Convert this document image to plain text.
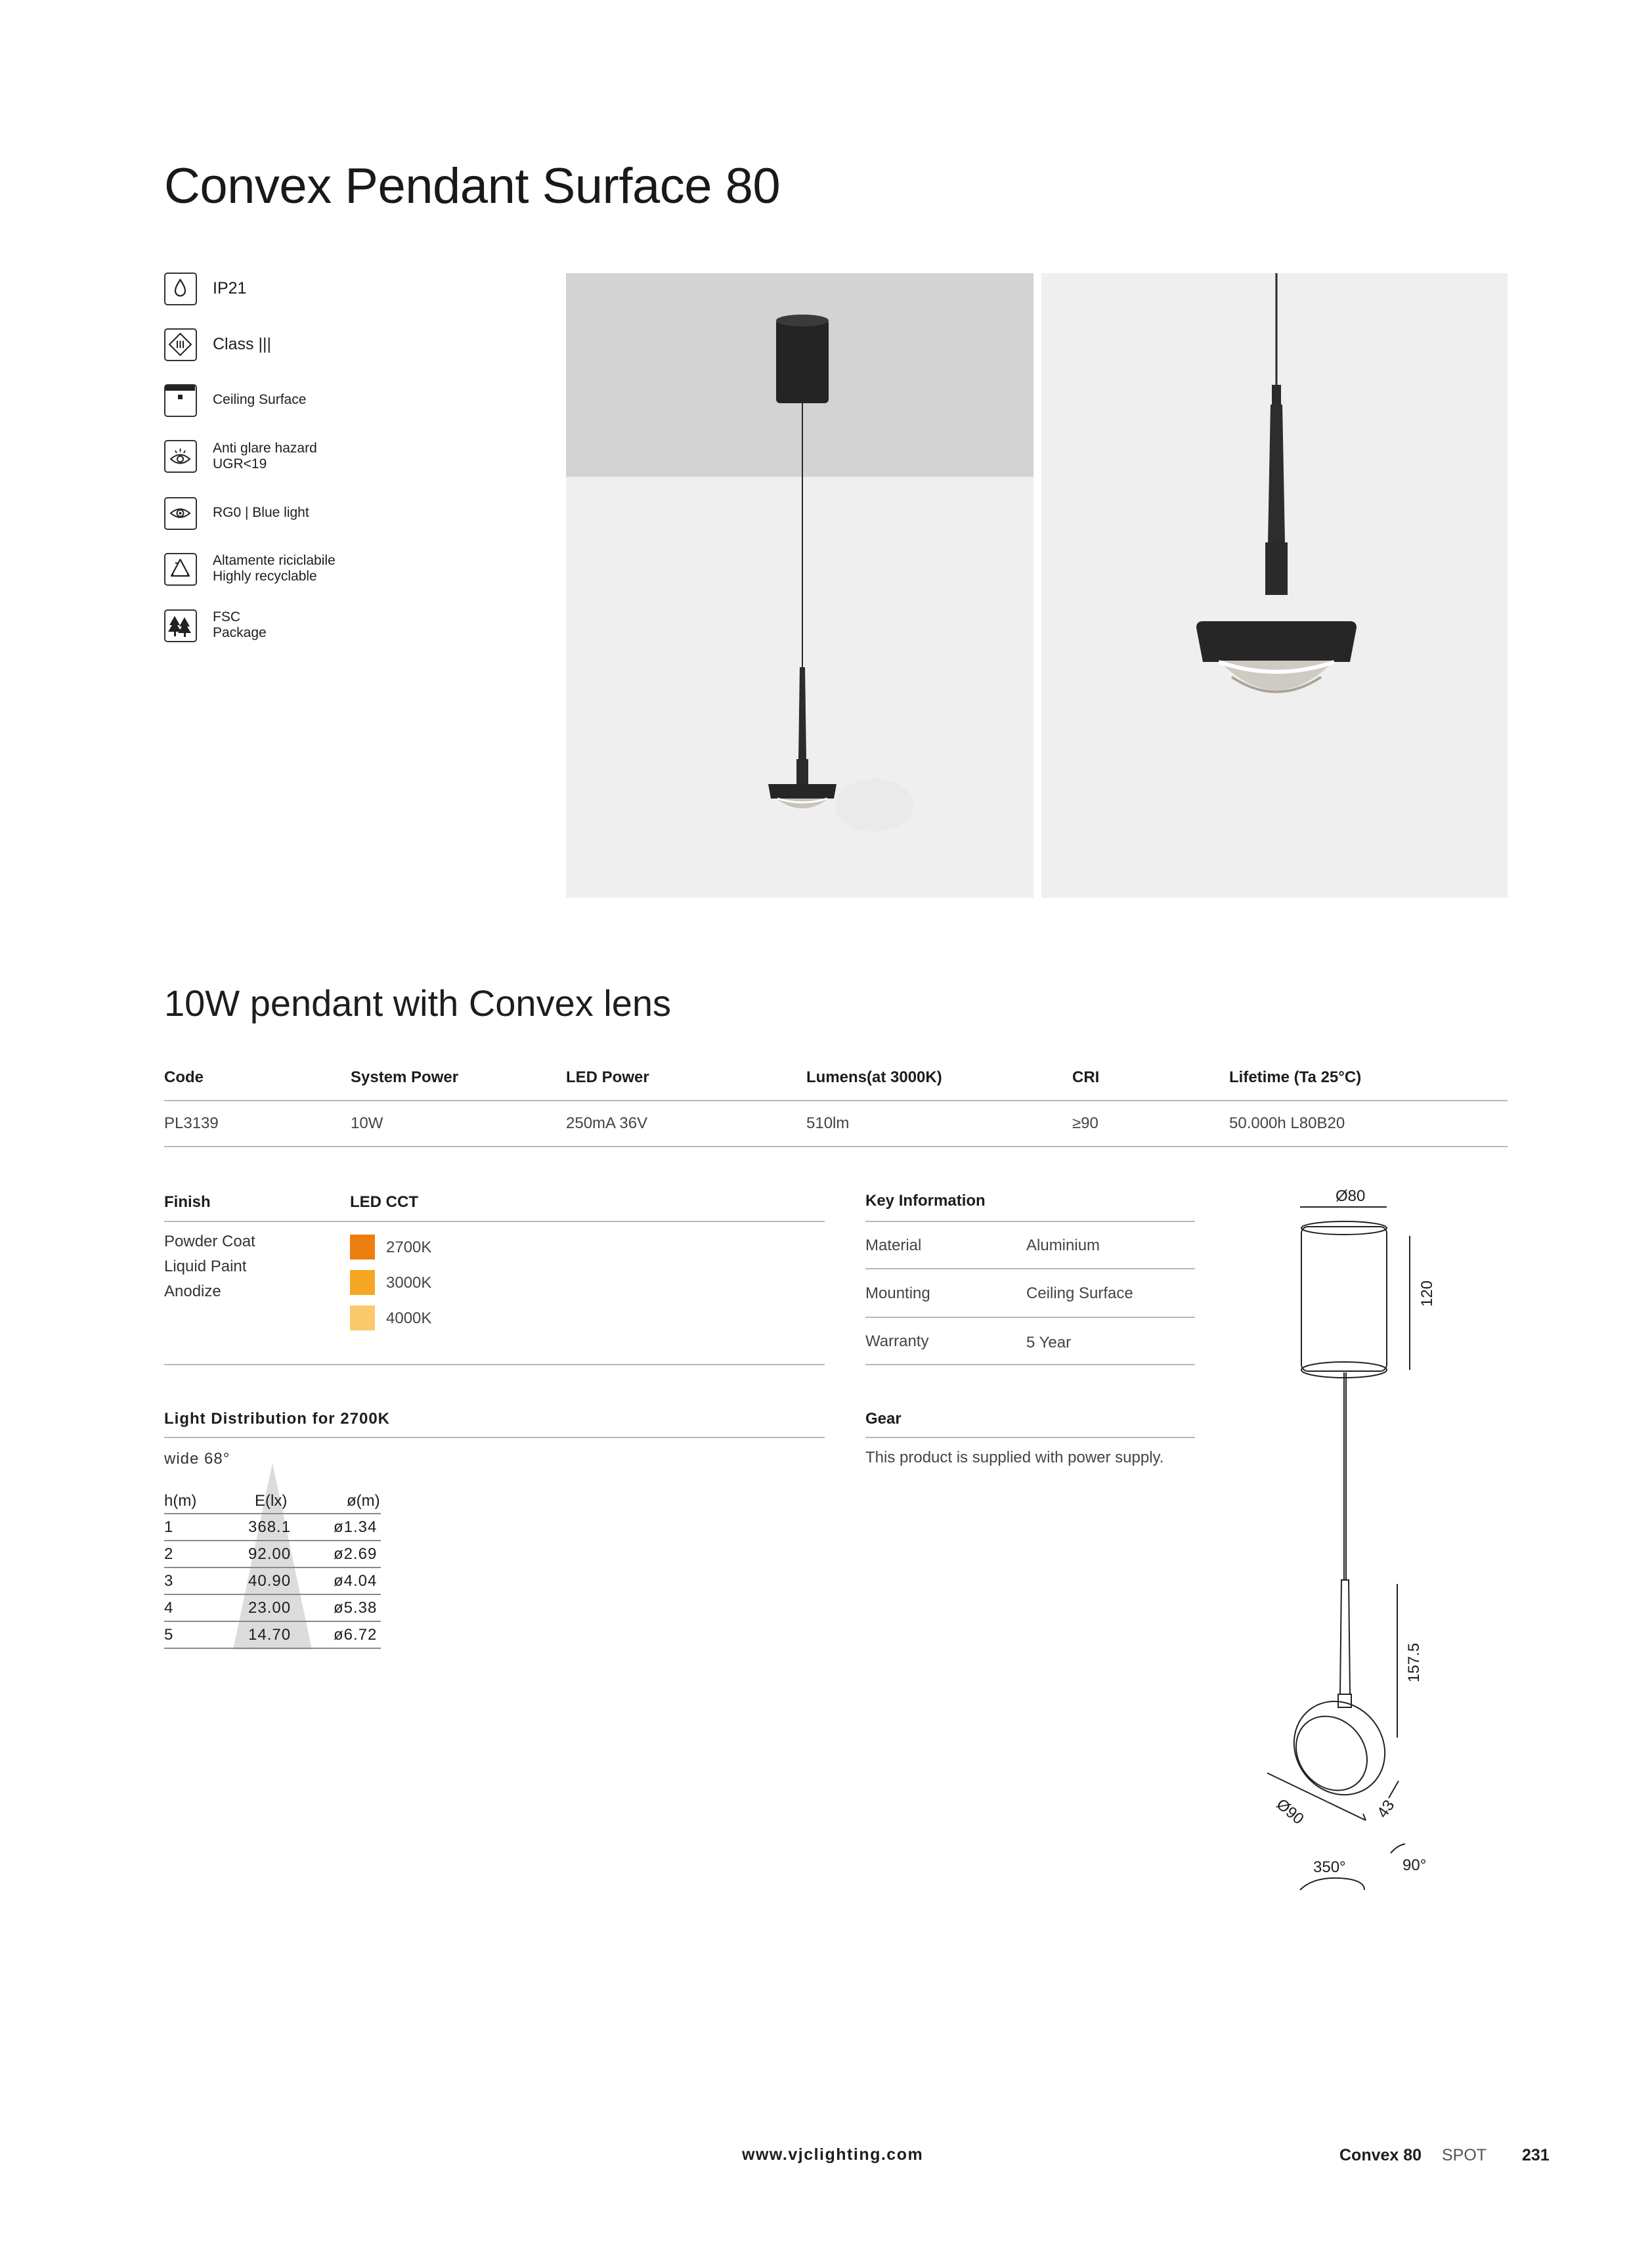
Convex Pendant Surface 80
IP21
Class |||
Ceiling Surface
Anti glare hazard
UGR<19
RG0 | Blue light
Altamente riciclabile
Highly recyclable
FSC
Package
10W pendant with Convex lens
Code	System Power	LED Power	Lumens(at 3000K)	CRI	Lifetime (Ta 25°C)
PL3139	10W	250mA 36V	510lm	≥90	50.000h L80B20
Finish
Powder Coat
Liquid Paint
Anodize
LED CCT
2700K
3000K
4000K
Key Information
Material	Aluminium
Mounting	Ceiling Surface
Warranty	5 Year
Light Distribution for 2700K
wide 68°
h(m)	E(lx)	ø(m)
1	368.1	ø1.34
2	92.00	ø2.69
3	40.90	ø4.04
4	23.00	ø5.38
5	14.70	ø6.72
Gear
This product is supplied with power supply.
Ø80
120
157.5
Ø90	43
350°	90°
www.vjclighting.com	Convex 80 SPOT 231
